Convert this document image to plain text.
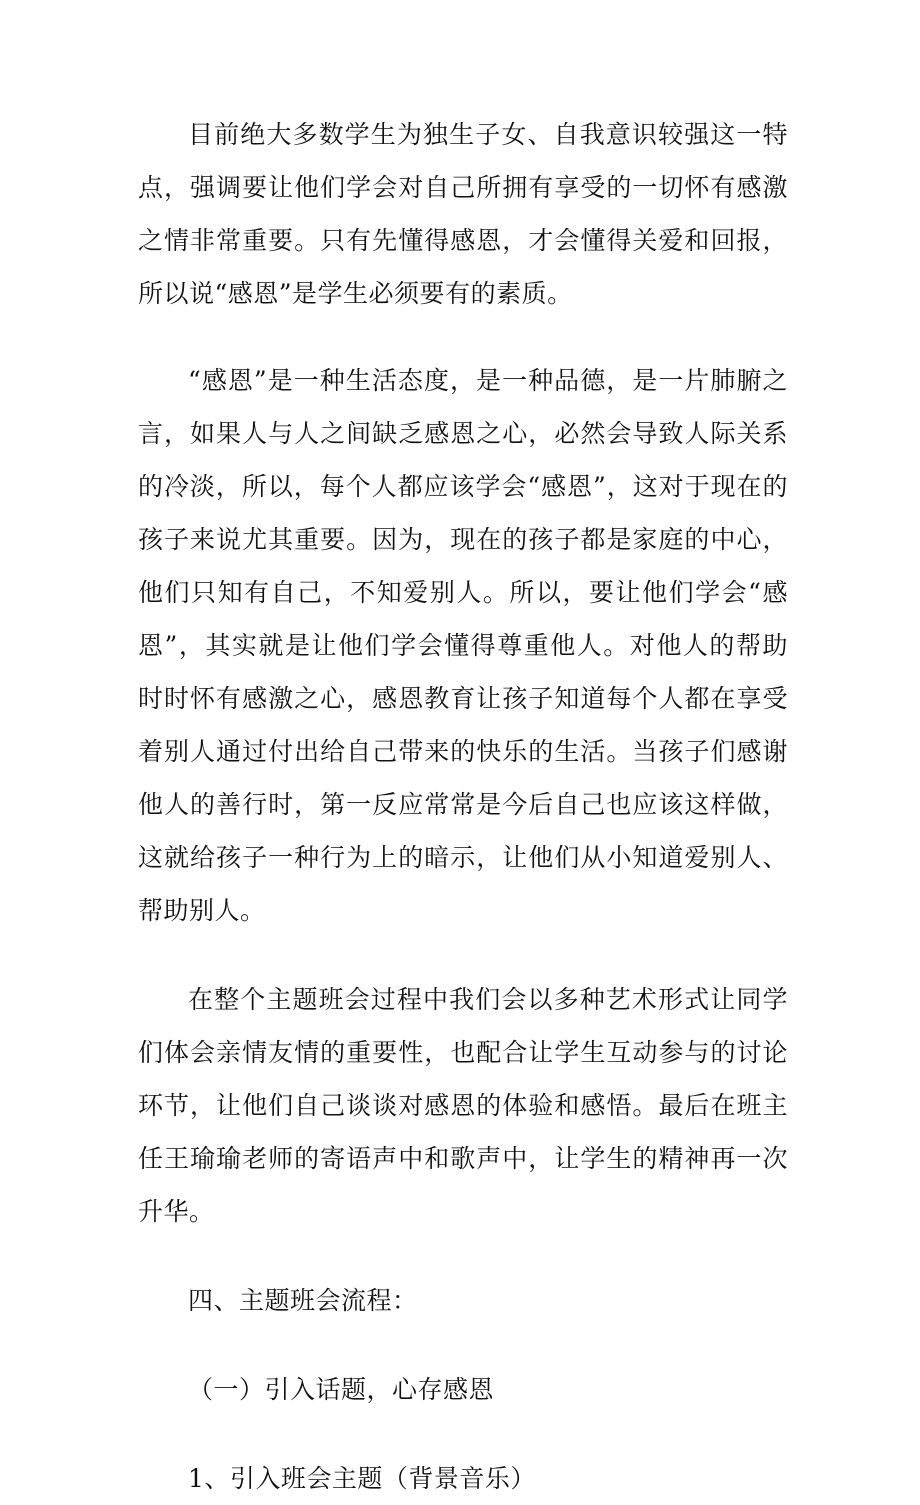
目前绝大多数学生为独生子女、自我意识较强这一特点，强调要让他们学会对自己所拥有享受的一切怀有感激之情非常重要。只有先懂得感恩，才会懂得关爱和回报，所以说“感恩”是学生必须要有的素质。

“感恩”是一种生活态度，是一种品德，是一片肺腑之言，如果人与人之间缺乏感恩之心，必然会导致人际关系的冷淡，所以，每个人都应该学会“感恩”，这对于现在的孩子来说尤其重要。因为，现在的孩子都是家庭的中心，他们只知有自己，不知爱别人。所以，要让他们学会“感恩”，其实就是让他们学会懂得尊重他人。对他人的帮助时时怀有感激之心，感恩教育让孩子知道每个人都在享受着别人通过付出给自己带来的快乐的生活。当孩子们感谢他人的善行时，第一反应常常是今后自己也应该这样做，这就给孩子一种行为上的暗示，让他们从小知道爱别人、帮助别人。

在整个主题班会过程中我们会以多种艺术形式让同学们体会亲情友情的重要性，也配合让学生互动参与的讨论环节，让他们自己谈谈对感恩的体验和感悟。最后在班主任王瑜瑜老师的寄语声中和歌声中，让学生的精神再一次升华。

四、主题班会流程：

（一）引入话题，心存感恩

1、引入班会主题（背景音乐）
